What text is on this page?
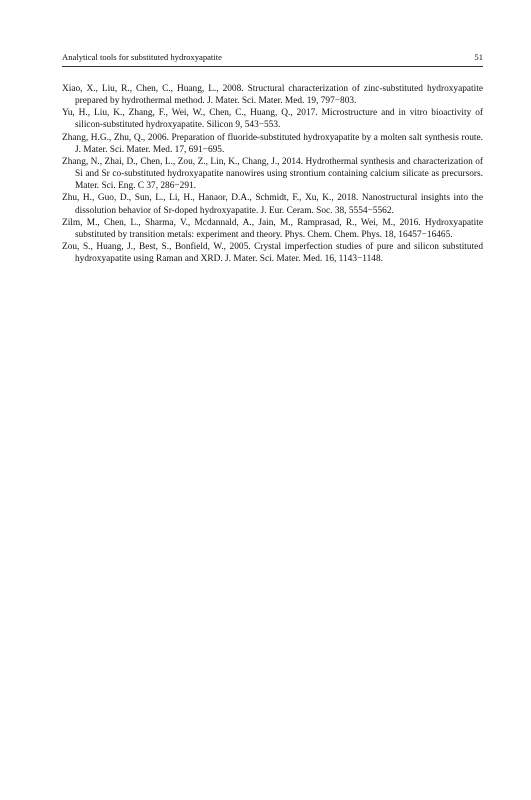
Analytical tools for substituted hydroxyapatite	51
Xiao, X., Liu, R., Chen, C., Huang, L., 2008. Structural characterization of zinc-substituted hydroxyapatite prepared by hydrothermal method. J. Mater. Sci. Mater. Med. 19, 797−803.
Yu, H., Liu, K., Zhang, F., Wei, W., Chen, C., Huang, Q., 2017. Microstructure and in vitro bioactivity of silicon-substituted hydroxyapatite. Silicon 9, 543−553.
Zhang, H.G., Zhu, Q., 2006. Preparation of fluoride-substituted hydroxyapatite by a molten salt synthesis route. J. Mater. Sci. Mater. Med. 17, 691−695.
Zhang, N., Zhai, D., Chen, L., Zou, Z., Lin, K., Chang, J., 2014. Hydrothermal synthesis and characterization of Si and Sr co-substituted hydroxyapatite nanowires using strontium containing calcium silicate as precursors. Mater. Sci. Eng. C 37, 286−291.
Zhu, H., Guo, D., Sun, L., Li, H., Hanaor, D.A., Schmidt, F., Xu, K., 2018. Nanostructural insights into the dissolution behavior of Sr-doped hydroxyapatite. J. Eur. Ceram. Soc. 38, 5554−5562.
Zilm, M., Chen, L., Sharma, V., Mcdannald, A., Jain, M., Ramprasad, R., Wei, M., 2016. Hydroxyapatite substituted by transition metals: experiment and theory. Phys. Chem. Chem. Phys. 18, 16457−16465.
Zou, S., Huang, J., Best, S., Bonfield, W., 2005. Crystal imperfection studies of pure and silicon substituted hydroxyapatite using Raman and XRD. J. Mater. Sci. Mater. Med. 16, 1143−1148.
